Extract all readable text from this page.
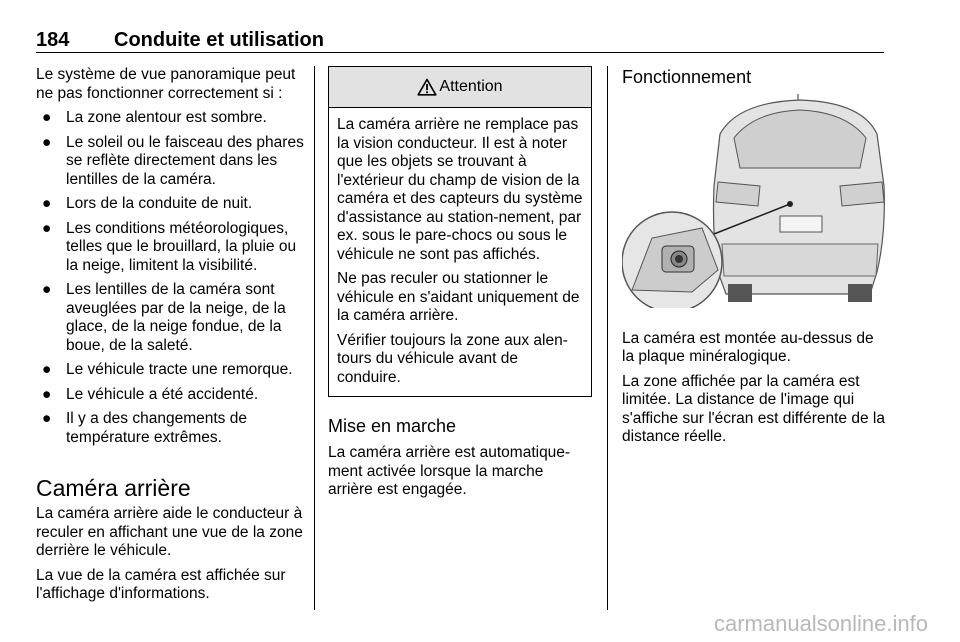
184 Conduite et utilisation

Le système de vue panoramique peut ne pas fonctionner correctement si :

● La zone alentour est sombre.
● Le soleil ou le faisceau des phares se reflète directement dans les lentilles de la caméra.
● Lors de la conduite de nuit.
● Les conditions météorologiques, telles que le brouillard, la pluie ou la neige, limitent la visibilité.
● Les lentilles de la caméra sont aveuglées par de la neige, de la glace, de la neige fondue, de la boue, de la saleté.
● Le véhicule tracte une remorque.
● Le véhicule a été accidenté.
● Il y a des changements de température extrêmes.
Caméra arrière

La caméra arrière aide le conducteur à reculer en affichant une vue de la zone derrière le véhicule.

La vue de la caméra est affichée sur l'affichage d'informations.

Attention

La caméra arrière ne remplace pas la vision conducteur. Il est à noter que les objets se trouvant à l'extérieur du champ de vision de la caméra et des capteurs du système d'assistance au station-nement, par ex. sous le pare-chocs ou sous le véhicule ne sont pas affichés.

Ne pas reculer ou stationner le véhicule en s'aidant uniquement de la caméra arrière.

Vérifier toujours la zone aux alen-tours du véhicule avant de conduire.

Mise en marche

La caméra arrière est automatique-ment activée lorsque la marche arrière est engagée.

Fonctionnement

La caméra est montée au-dessus de la plaque minéralogique.

La zone affichée par la caméra est limitée. La distance de l'image qui s'affiche sur l'écran est différente de la distance réelle.

carmanualsonline.info
